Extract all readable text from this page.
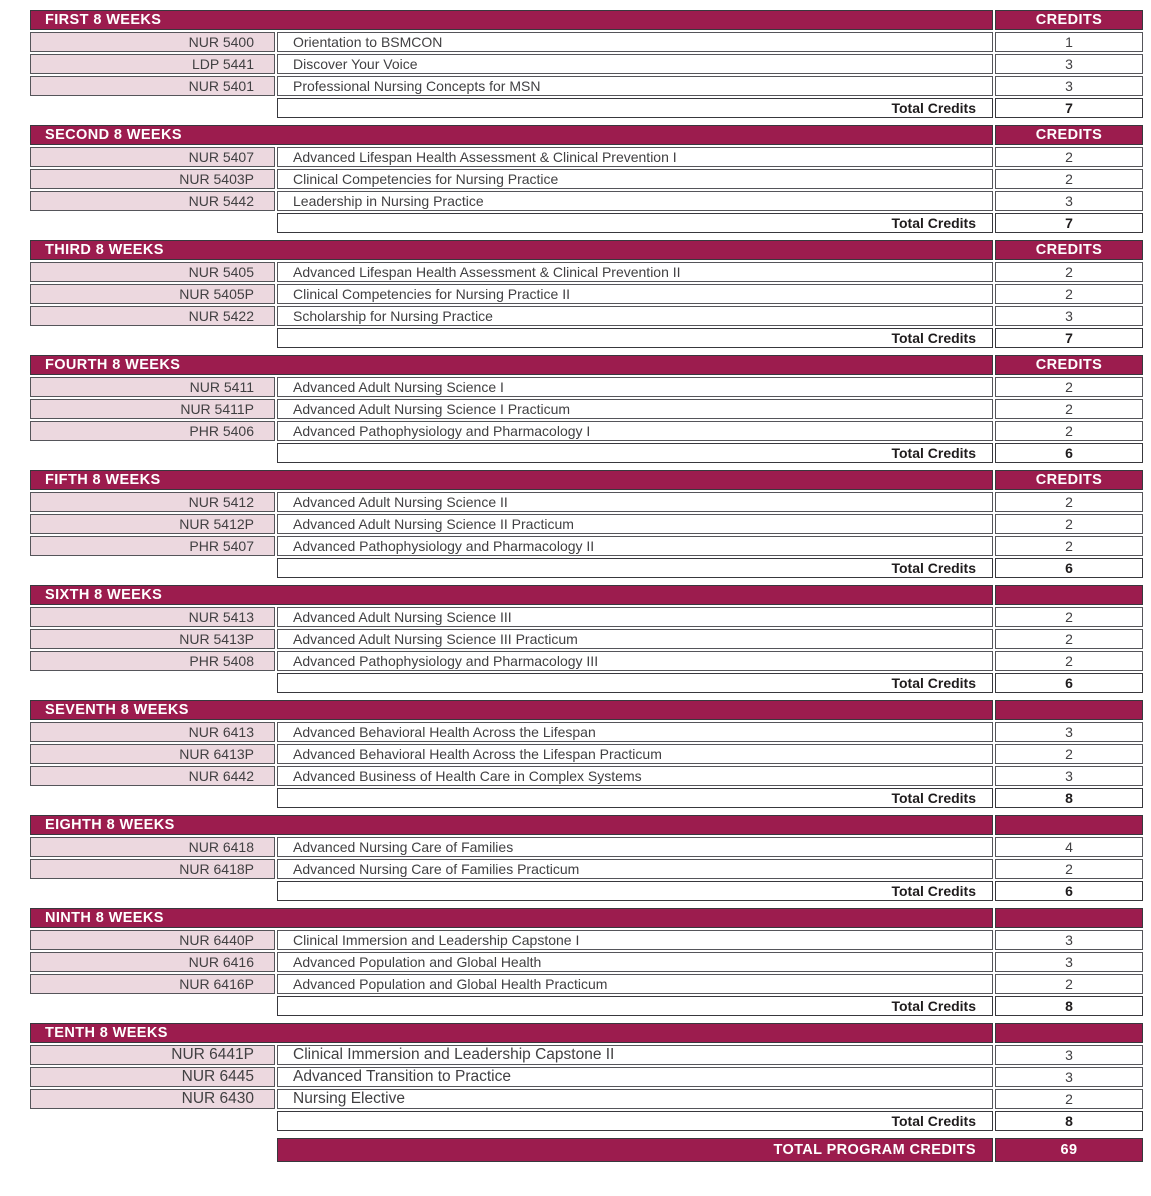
FIRST 8 WEEKS	CREDITS
NUR 5400	Orientation to BSMCON	1
LDP 5441	Discover Your Voice	3
NUR 5401	Professional Nursing Concepts for MSN	3
Total Credits	7
SECOND 8 WEEKS	CREDITS
NUR 5407	Advanced Lifespan Health Assessment & Clinical Prevention I	2
NUR 5403P	Clinical Competencies for Nursing Practice	2
NUR 5442	Leadership in Nursing Practice	3
Total Credits	7
THIRD 8 WEEKS	CREDITS
NUR 5405	Advanced Lifespan Health Assessment & Clinical Prevention II	2
NUR 5405P	Clinical Competencies for Nursing Practice II	2
NUR 5422	Scholarship for Nursing Practice	3
Total Credits	7
FOURTH 8 WEEKS	CREDITS
NUR 5411	Advanced Adult Nursing Science I	2
NUR 5411P	Advanced Adult Nursing Science I Practicum	2
PHR 5406	Advanced Pathophysiology and Pharmacology I	2
Total Credits	6
FIFTH 8 WEEKS	CREDITS
NUR 5412	Advanced Adult Nursing Science II	2
NUR 5412P	Advanced Adult Nursing Science II Practicum	2
PHR 5407	Advanced Pathophysiology and Pharmacology II	2
Total Credits	6
SIXTH 8 WEEKS
NUR 5413	Advanced Adult Nursing Science III	2
NUR 5413P	Advanced Adult Nursing Science III Practicum	2
PHR 5408	Advanced Pathophysiology and Pharmacology III	2
Total Credits	6
SEVENTH 8 WEEKS
NUR 6413	Advanced Behavioral Health Across the Lifespan	3
NUR 6413P	Advanced Behavioral Health Across the Lifespan Practicum	2
NUR 6442	Advanced Business of Health Care in Complex Systems	3
Total Credits	8
EIGHTH 8 WEEKS
NUR 6418	Advanced Nursing Care of Families	4
NUR 6418P	Advanced Nursing Care of Families Practicum	2
Total Credits	6
NINTH 8 WEEKS
NUR 6440P	Clinical Immersion and Leadership Capstone I	3
NUR 6416	Advanced Population and Global Health	3
NUR 6416P	Advanced Population and Global Health Practicum	2
Total Credits	8
TENTH 8 WEEKS
NUR 6441P	Clinical Immersion and Leadership Capstone II	3
NUR 6445	Advanced Transition to Practice	3
NUR 6430	Nursing Elective	2
Total Credits	8
TOTAL PROGRAM CREDITS	69
